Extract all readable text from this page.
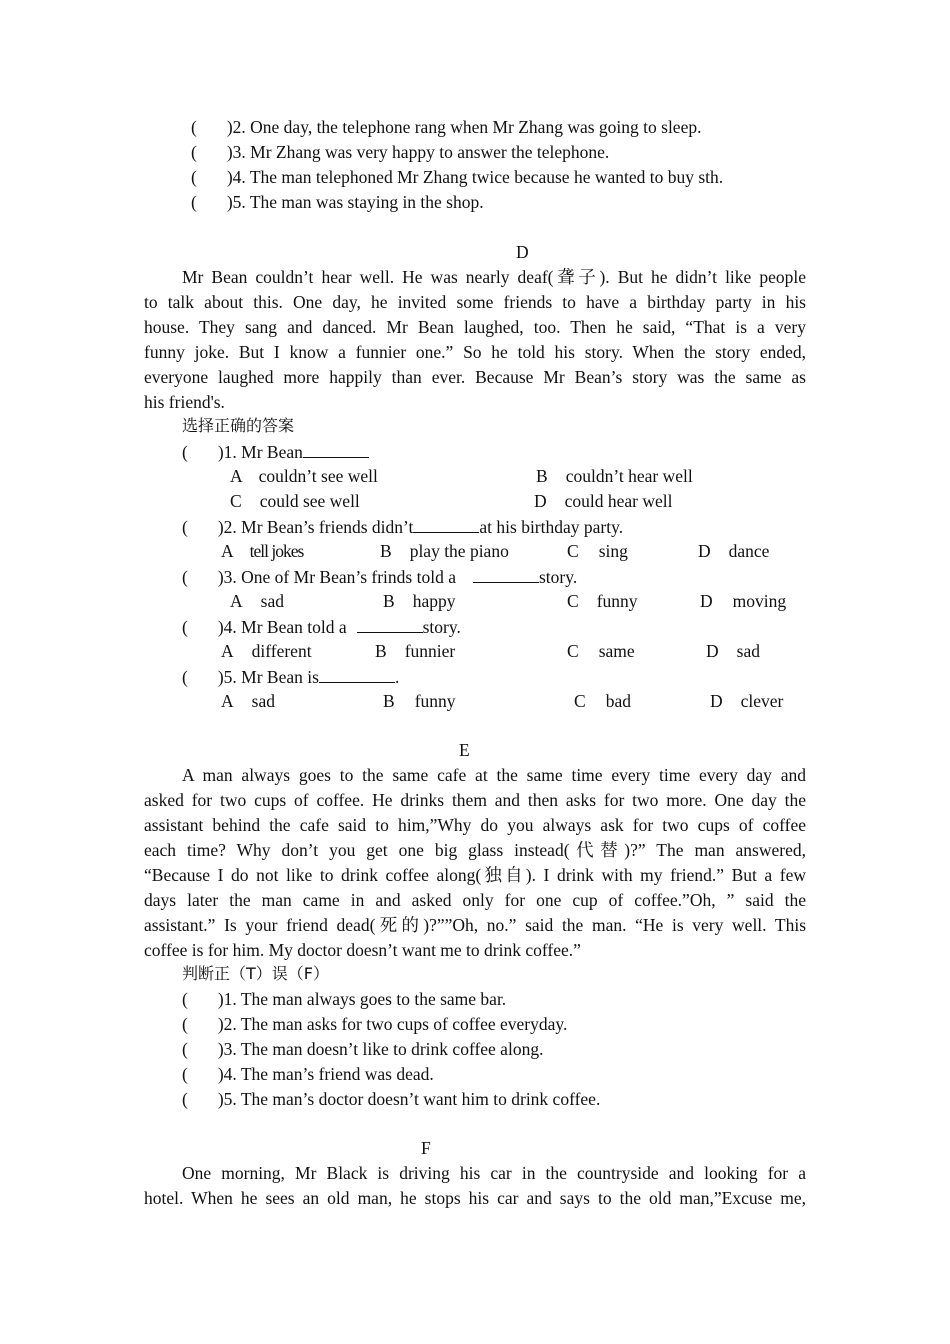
( )2. One day, the telephone rang when Mr Zhang was going to sleep.
( )3. Mr Zhang was very happy to answer the telephone.
( )4. The man telephoned Mr Zhang twice because he wanted to buy sth.
( )5. The man was staying in the shop.
D
Mr Bean couldn’t hear well. He was nearly deaf(聋子). But he didn’t like people
to talk about this. One day, he invited some friends to have a birthday party in his
house. They sang and danced. Mr Bean laughed, too. Then he said, “That is a very
funny joke. But I know a funnier one.” So he told his story. When the story ended,
everyone laughed more happily than ever. Because Mr Bean’s story was the same as
his friend's.
选择正确的答案
( )1. Mr Bean
A couldn’t see well	B couldn’t hear well
C could see well	D could hear well
( )2. Mr Bean’s friends didn’t	at his birthday party.
A tell jokes	B play the piano	C sing	D dance
( )3. One of Mr Bean’s frinds told a	story.
A sad	B happy	C funny	D moving
( )4. Mr Bean told a	story.
A different	B funnier	C same	D sad
( )5. Mr Bean is	.
A sad	B funny	C bad	D clever
E
A man always goes to the same cafe at the same time every time every day and
asked for two cups of coffee. He drinks them and then asks for two more. One day the
assistant behind the cafe said to him,”Why do you always ask for two cups of coffee
each time? Why don’t you get one big glass instead(代替)?” The man answered,
“Because I do not like to drink coffee along(独自). I drink with my friend.” But a few
days later the man came in and asked only for one cup of coffee.”Oh, ” said the
assistant.” Is your friend dead(死的)?””Oh, no.” said the man. “He is very well. This
coffee is for him. My doctor doesn’t want me to drink coffee.”
判断正（T）误（F）
( )1. The man always goes to the same bar.
( )2. The man asks for two cups of coffee everyday.
( )3. The man doesn’t like to drink coffee along.
( )4. The man’s friend was dead.
( )5. The man’s doctor doesn’t want him to drink coffee.
F
One morning, Mr Black is driving his car in the countryside and looking for a
hotel. When he sees an old man, he stops his car and says to the old man,”Excuse me,
